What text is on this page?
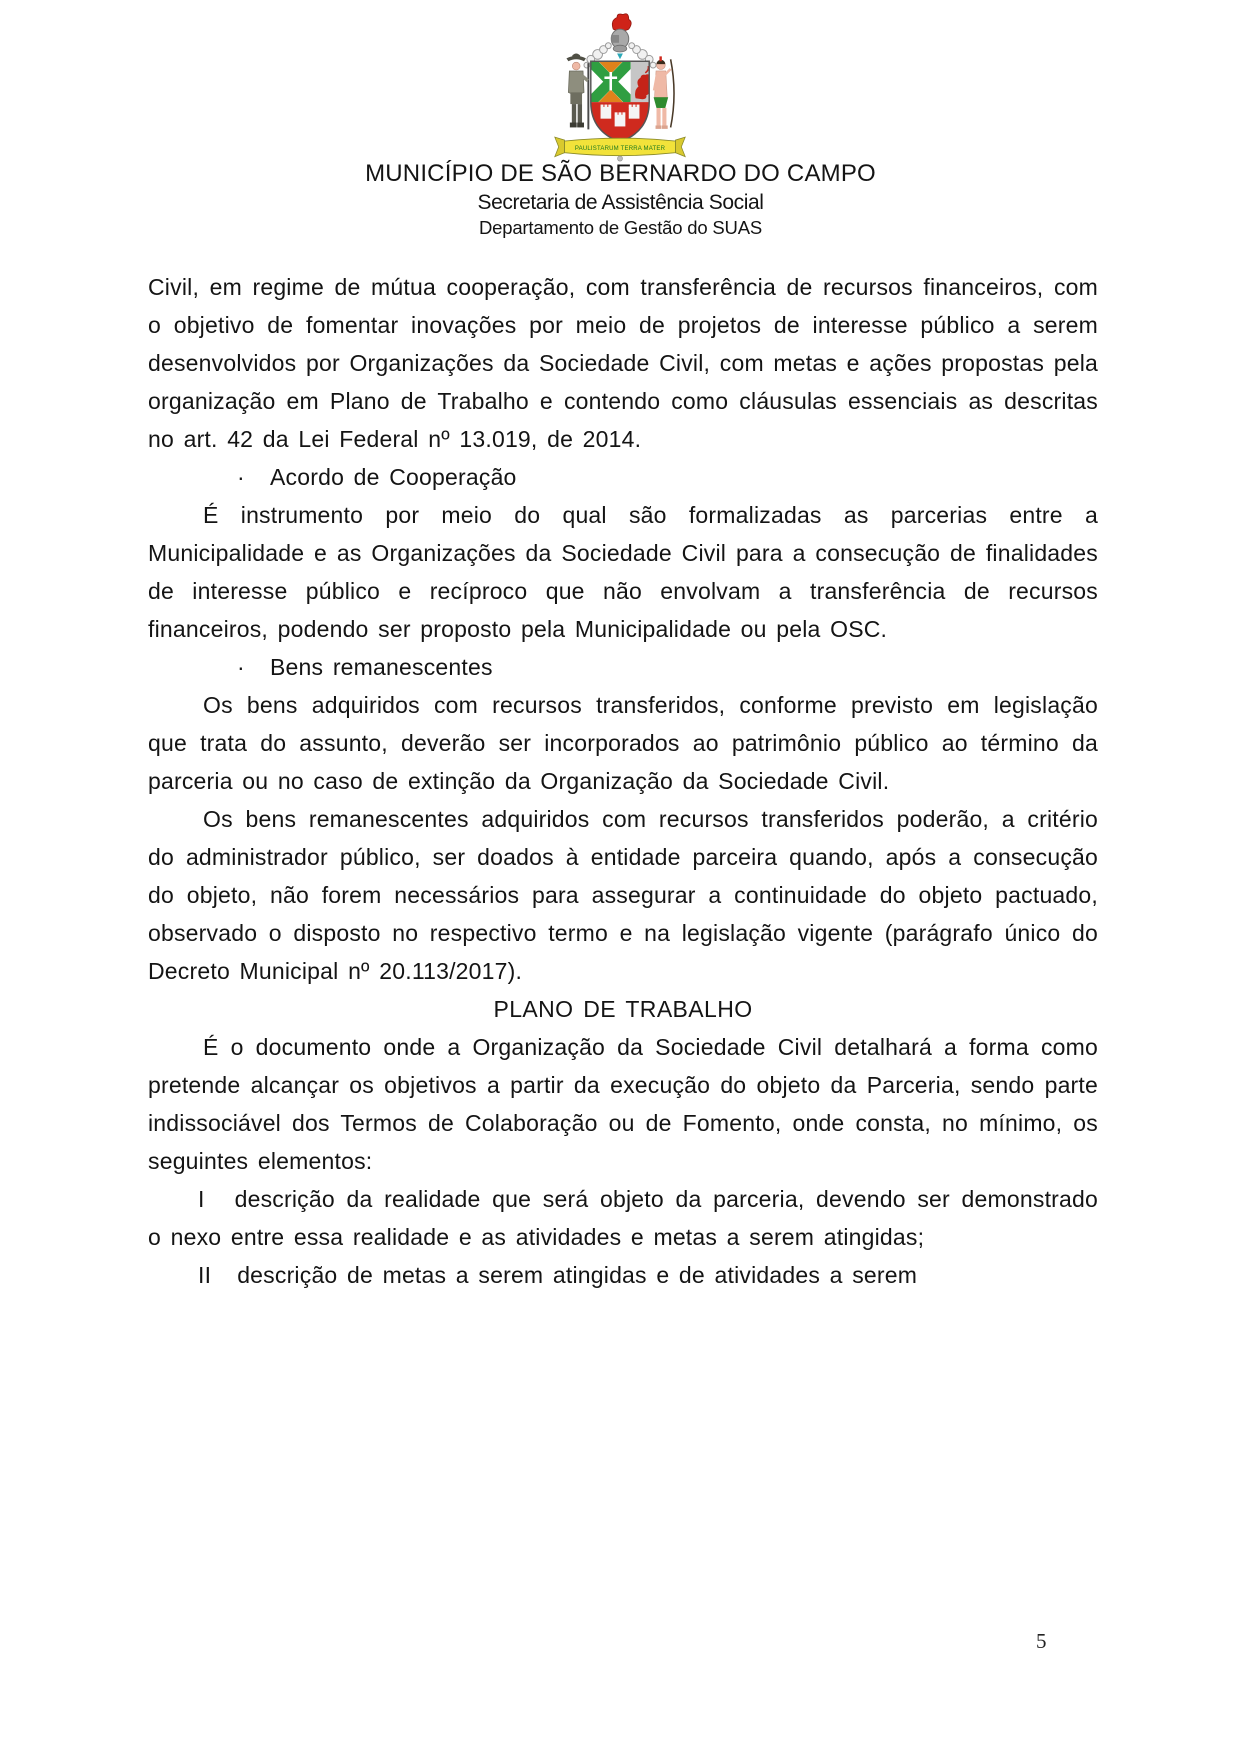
PAULISTARUM TERRA MATER
MUNICÍPIO DE SÃO BERNARDO DO CAMPO
Secretaria de Assistência Social
Departamento de Gestão do SUAS

Civil, em regime de mútua cooperação, com transferência de recursos financeiros, com o objetivo de fomentar inovações por meio de projetos de interesse público a serem desenvolvidos por Organizações da Sociedade Civil, com metas e ações propostas pela organização em Plano de Trabalho e contendo como cláusulas essenciais as descritas no art. 42 da Lei Federal nº 13.019, de 2014.

· Acordo de Cooperação

É instrumento por meio do qual são formalizadas as parcerias entre a Municipalidade e as Organizações da Sociedade Civil para a consecução de finalidades de interesse público e recíproco que não envolvam a transferência de recursos financeiros, podendo ser proposto pela Municipalidade ou pela OSC.

· Bens remanescentes

Os bens adquiridos com recursos transferidos, conforme previsto em legislação que trata do assunto, deverão ser incorporados ao patrimônio público ao término da parceria ou no caso de extinção da Organização da Sociedade Civil.

Os bens remanescentes adquiridos com recursos transferidos poderão, a critério do administrador público, ser doados à entidade parceira quando, após a consecução do objeto, não forem necessários para assegurar a continuidade do objeto pactuado, observado o disposto no respectivo termo e na legislação vigente (parágrafo único do Decreto Municipal nº 20.113/2017).

PLANO DE TRABALHO

É o documento onde a Organização da Sociedade Civil detalhará a forma como pretende alcançar os objetivos a partir da execução do objeto da Parceria, sendo parte indissociável dos Termos de Colaboração ou de Fomento, onde consta, no mínimo, os seguintes elementos:

I descrição da realidade que será objeto da parceria, devendo ser demonstrado o nexo entre essa realidade e as atividades e metas a serem atingidas;

II descrição de metas a serem atingidas e de atividades a serem

5
